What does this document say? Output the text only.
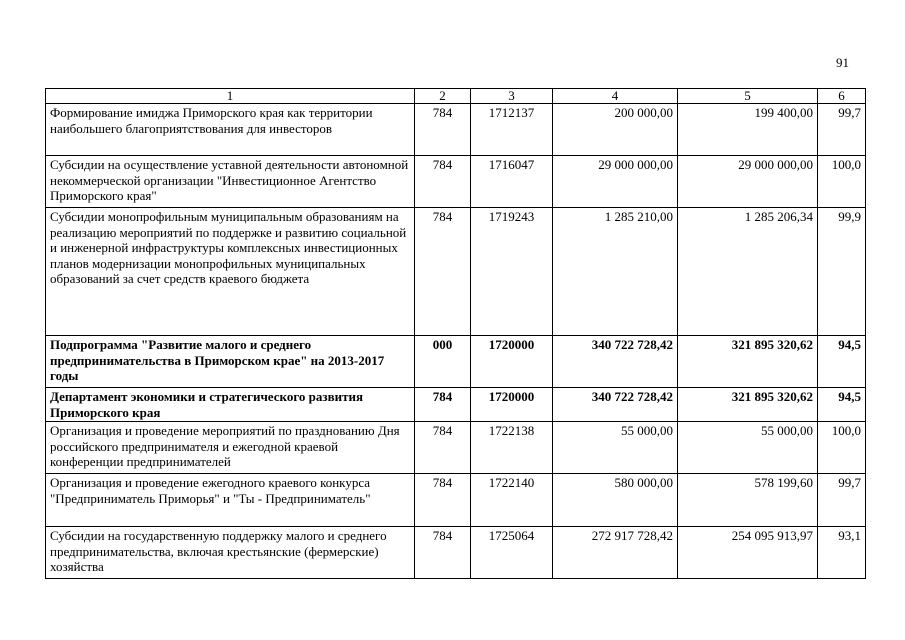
91
1	2	3	4	5	6
Формирование имиджа Приморского края как территории наибольшего благоприятствования для инвесторов	784	1712137	200 000,00	199 400,00	99,7
Субсидии на осуществление уставной деятельности автономной некоммерческой организации "Инвестиционное Агентство Приморского края"	784	1716047	29 000 000,00	29 000 000,00	100,0
Субсидии монопрофильным муниципальным образованиям на реализацию мероприятий по поддержке и развитию социальной и инженерной инфраструктуры комплексных инвестиционных планов модернизации монопрофильных муниципальных образований за счет средств краевого бюджета	784	1719243	1 285 210,00	1 285 206,34	99,9
Подпрограмма "Развитие малого и среднего предпринимательства в Приморском крае" на 2013-2017 годы	000	1720000	340 722 728,42	321 895 320,62	94,5
Департамент экономики и стратегического развития Приморского края	784	1720000	340 722 728,42	321 895 320,62	94,5
Организация и проведение мероприятий по празднованию Дня российского предпринимателя и ежегодной краевой конференции предпринимателей	784	1722138	55 000,00	55 000,00	100,0
Организация и проведение ежегодного краевого конкурса "Предприниматель Приморья" и "Ты - Предприниматель"	784	1722140	580 000,00	578 199,60	99,7
Субсидии на государственную поддержку малого и среднего предпринимательства, включая крестьянские (фермерские) хозяйства	784	1725064	272 917 728,42	254 095 913,97	93,1
